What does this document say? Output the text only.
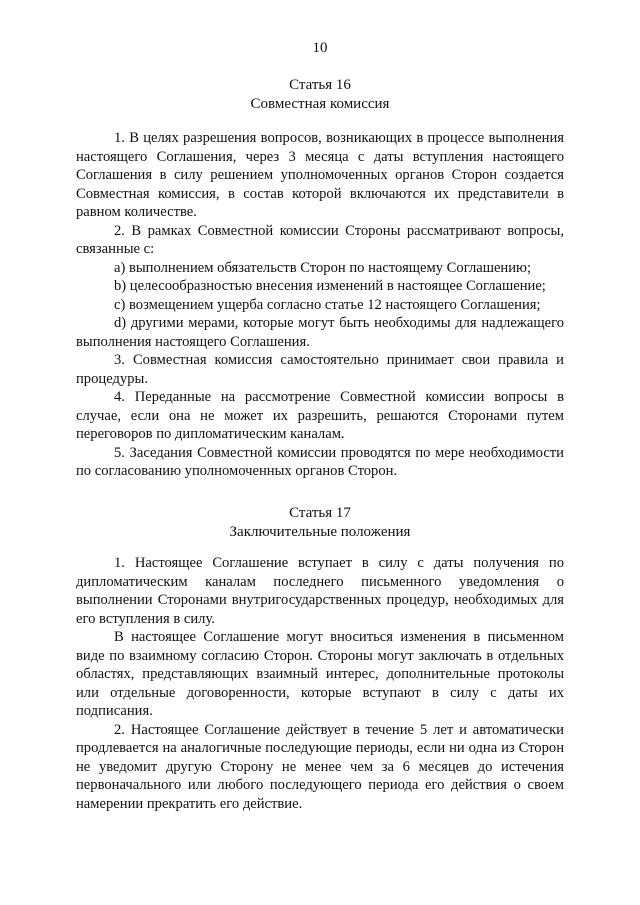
10
Статья 16
Совместная комиссия

1. В целях разрешения вопросов, возникающих в процессе выполнения настоящего Соглашения, через 3 месяца с даты вступления настоящего Соглашения в силу решением уполномоченных органов Сторон создается Совместная комиссия, в состав которой включаются их представители в равном количестве.

2. В рамках Совместной комиссии Стороны рассматривают вопросы, связанные с:

а) выполнением обязательств Сторон по настоящему Соглашению;

b) целесообразностью внесения изменений в настоящее Соглашение;

c) возмещением ущерба согласно статье 12 настоящего Соглашения;

d) другими мерами, которые могут быть необходимы для надлежащего выполнения настоящего Соглашения.

3. Совместная комиссия самостоятельно принимает свои правила и процедуры.

4. Переданные на рассмотрение Совместной комиссии вопросы в случае, если она не может их разрешить, решаются Сторонами путем переговоров по дипломатическим каналам.

5. Заседания Совместной комиссии проводятся по мере необходимости по согласованию уполномоченных органов Сторон.

Статья 17
Заключительные положения

1. Настоящее Соглашение вступает в силу с даты получения по дипломатическим каналам последнего письменного уведомления о выполнении Сторонами внутригосударственных процедур, необходимых для его вступления в силу.

В настоящее Соглашение могут вноситься изменения в письменном виде по взаимному согласию Сторон. Стороны могут заключать в отдельных областях, представляющих взаимный интерес, дополнительные протоколы или отдельные договоренности, которые вступают в силу с даты их подписания.

2. Настоящее Соглашение действует в течение 5 лет и автоматически продлевается на аналогичные последующие периоды, если ни одна из Сторон не уведомит другую Сторону не менее чем за 6 месяцев до истечения первоначального или любого последующего периода его действия о своем намерении прекратить его действие.
